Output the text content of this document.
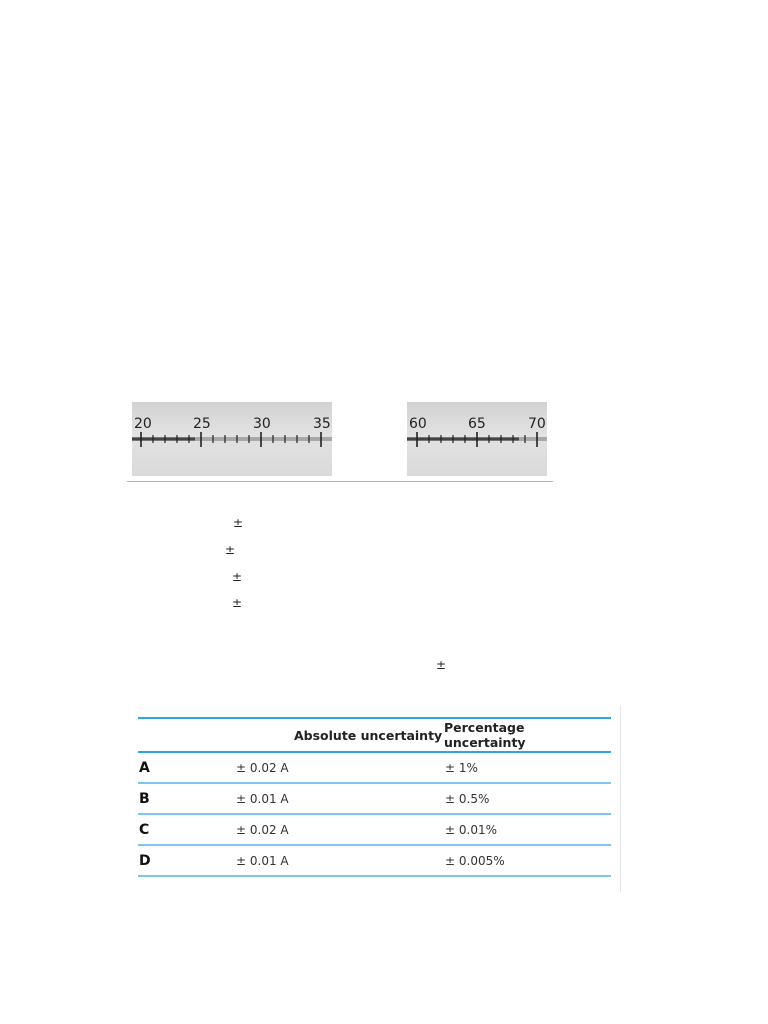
20	25	30	35	60	65	70
±
±
±
±
±
	Absolute uncertainty	Percentage uncertainty
A	± 0.02 A	± 1%
B	± 0.01 A	± 0.5%
C	± 0.02 A	± 0.01%
D	± 0.01 A	± 0.005%
